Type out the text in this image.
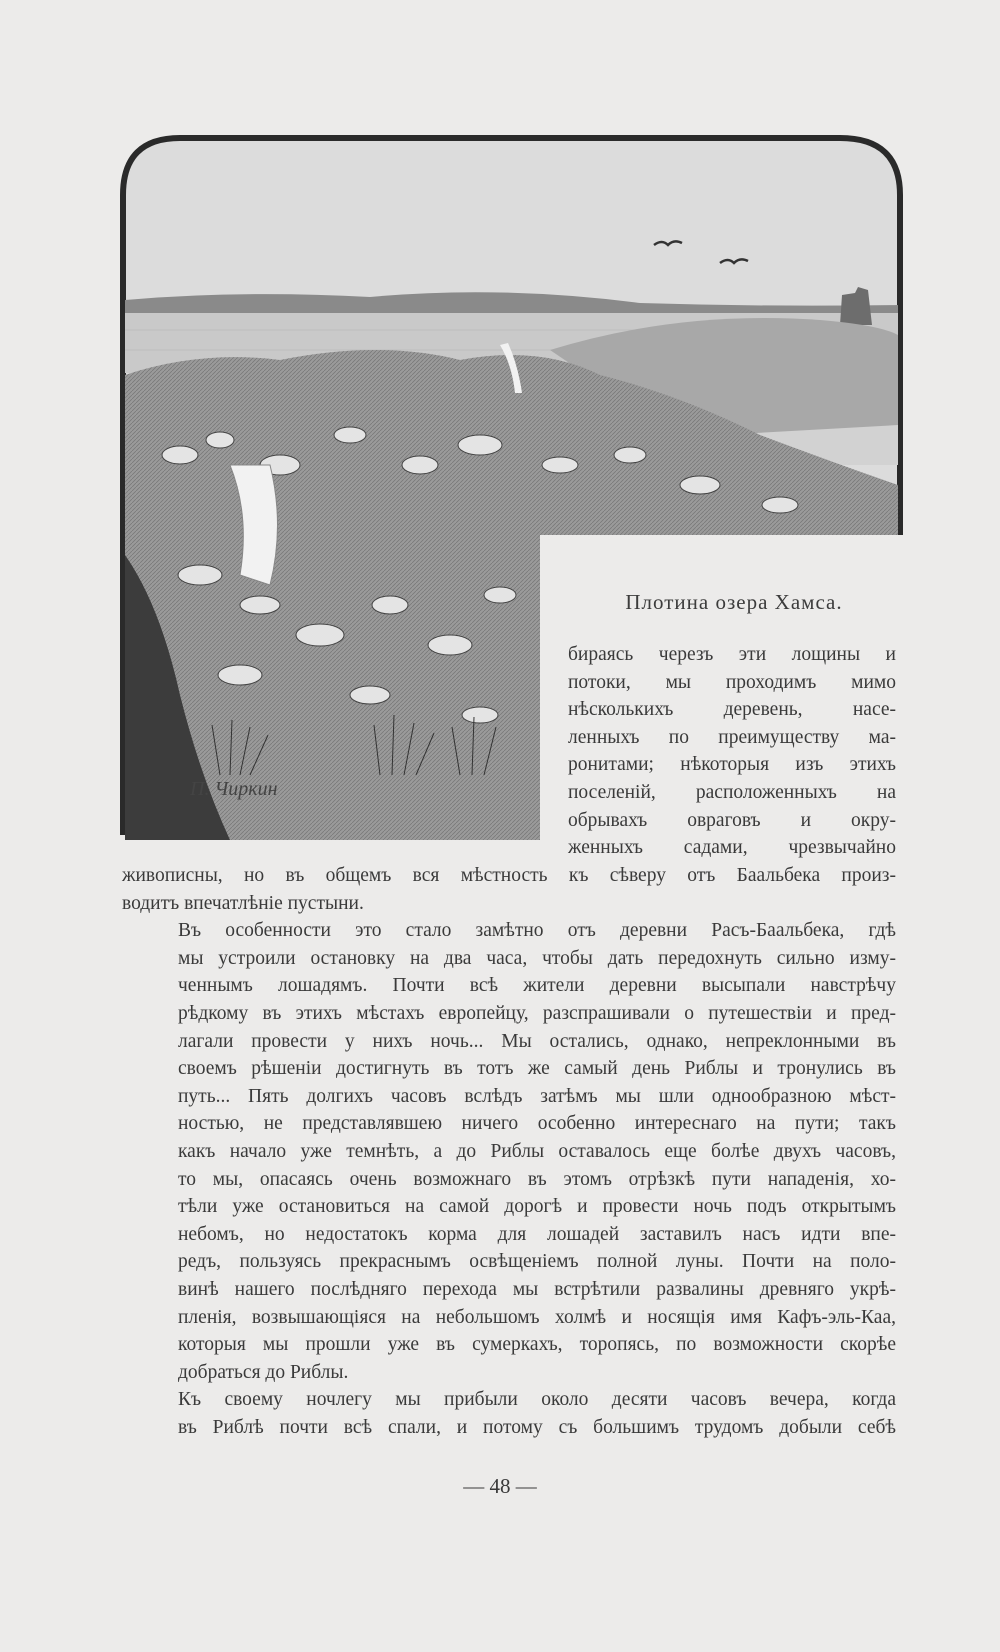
П. Чиркин
Плотина озера Хамса.

бираясь черезъ эти лощины и
потоки, мы проходимъ мимо
нѣсколькихъ деревень, насе-
ленныхъ по преимуществу ма-
ронитами; нѣкоторыя изъ этихъ
поселеній, расположенныхъ на
обрывахъ овраговъ и окру-
женныхъ садами, чрезвычайно

живописны, но въ общемъ вся мѣстность къ сѣверу отъ Баальбека произ-
водитъ впечатлѣніе пустыни.

Въ особенности это стало замѣтно отъ деревни Расъ-Баальбека, гдѣ
мы устроили остановку на два часа, чтобы дать передохнуть сильно изму-
ченнымъ лошадямъ. Почти всѣ жители деревни высыпали навстрѣчу
рѣдкому въ этихъ мѣстахъ европейцу, разспрашивали о путешествіи и пред-
лагали провести у нихъ ночь... Мы остались, однако, непреклонными въ
своемъ рѣшеніи достигнуть въ тотъ же самый день Риблы и тронулись въ
путь... Пять долгихъ часовъ вслѣдъ затѣмъ мы шли однообразною мѣст-
ностью, не представлявшею ничего особенно интереснаго на пути; такъ
какъ начало уже темнѣть, а до Риблы оставалось еще болѣе двухъ часовъ,
то мы, опасаясь очень возможнаго въ этомъ отрѣзкѣ пути нападенія, хо-
тѣли уже остановиться на самой дорогѣ и провести ночь подъ открытымъ
небомъ, но недостатокъ корма для лошадей заставилъ насъ идти впе-
редъ, пользуясь прекраснымъ освѣщеніемъ полной луны. Почти на поло-
винѣ нашего послѣдняго перехода мы встрѣтили развалины древняго укрѣ-
пленія, возвышающіяся на небольшомъ холмѣ и носящія имя Кафъ-эль-Каа,
которыя мы прошли уже въ сумеркахъ, торопясь, по возможности скорѣе
добраться до Риблы.

Къ своему ночлегу мы прибыли около десяти часовъ вечера, когда
въ Риблѣ почти всѣ спали, и потому съ большимъ трудомъ добыли себѣ

— 48 —
